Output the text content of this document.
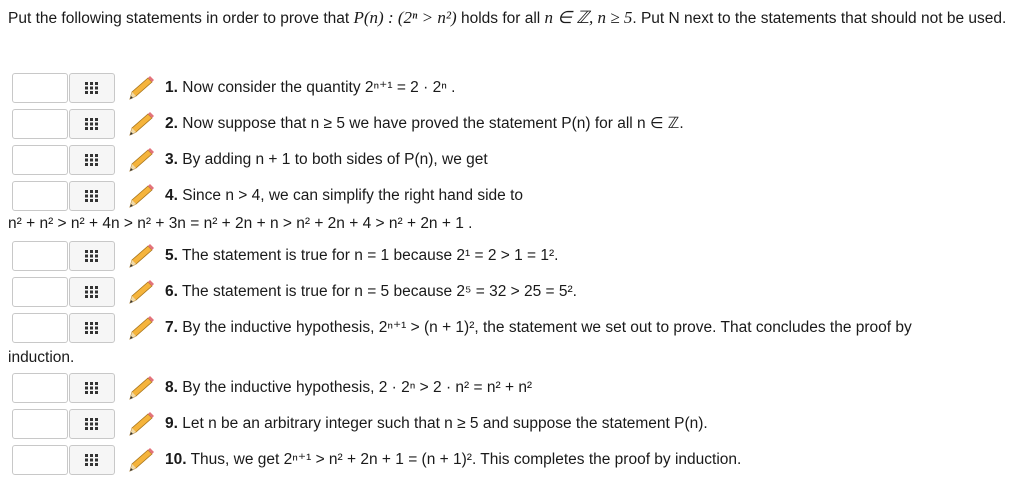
Put the following statements in order to prove that P(n) : (2ⁿ > n²) holds for all n ∈ ℤ, n ≥ 5. Put N next to the statements that should not be used.
1. Now consider the quantity 2ⁿ⁺¹ = 2 · 2ⁿ .
2. Now suppose that n ≥ 5 we have proved the statement P(n) for all n ∈ ℤ.
3. By adding n + 1 to both sides of P(n), we get
4. Since n > 4, we can simplify the right hand side to
n² + n² > n² + 4n > n² + 3n = n² + 2n + n > n² + 2n + 4 > n² + 2n + 1 .
5. The statement is true for n = 1 because 2¹ = 2 > 1 = 1².
6. The statement is true for n = 5 because 2⁵ = 32 > 25 = 5².
7. By the inductive hypothesis, 2ⁿ⁺¹ > (n + 1)², the statement we set out to prove. That concludes the proof by
induction.
8. By the inductive hypothesis, 2 · 2ⁿ > 2 · n² = n² + n²
9. Let n be an arbitrary integer such that n ≥ 5 and suppose the statement P(n).
10. Thus, we get 2ⁿ⁺¹ > n² + 2n + 1 = (n + 1)². This completes the proof by induction.
